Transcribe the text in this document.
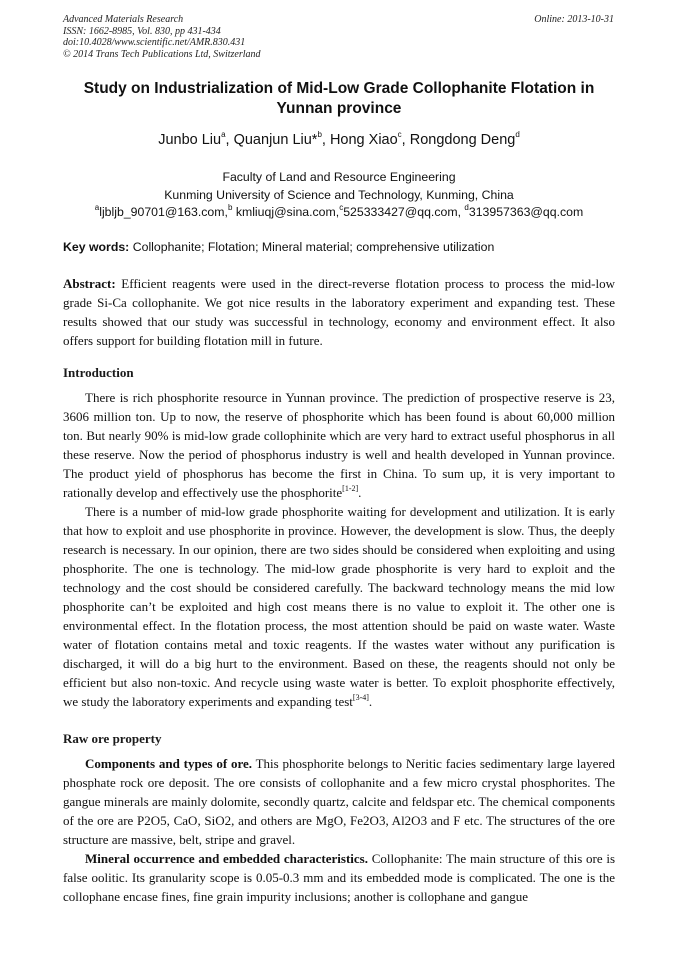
Advanced Materials Research
ISSN: 1662-8985, Vol. 830, pp 431-434
doi:10.4028/www.scientific.net/AMR.830.431
© 2014 Trans Tech Publications Ltd, Switzerland
Online: 2013-10-31
Study on Industrialization of Mid-Low Grade Collophanite Flotation in Yunnan province
Junbo Liu$^a$, Quanjun Liu*$^b$, Hong Xiao$^c$, Rongdong Deng$^d$
Faculty of Land and Resource Engineering
Kunming University of Science and Technology, Kunming, China
$^a$ljbljb_90701@163.com,$^b$ kmliuqj@sina.com,$^c$525333427@qq.com, $^d$313957363@qq.com
Key words: Collophanite; Flotation; Mineral material; comprehensive utilization

Abstract: Efficient reagents were used in the direct-reverse flotation process to process the mid-low grade Si-Ca collophanite. We got nice results in the laboratory experiment and expanding test. These results showed that our study was successful in technology, economy and environment effect. It also offers support for building flotation mill in future.

Introduction

There is rich phosphorite resource in Yunnan province. The prediction of prospective reserve is 23, 3606 million ton. Up to now, the reserve of phosphorite which has been found is about 60,000 million ton. But nearly 90% is mid-low grade collophinite which are very hard to extract useful phosphorus in all these reserve. Now the period of phosphorus industry is well and health developed in Yunnan province. The product yield of phosphorus has become the first in China. To sum up, it is very important to rationally develop and effectively use the phosphorite[1-2].

There is a number of mid-low grade phosphorite waiting for development and utilization. It is early that how to exploit and use phosphorite in province. However, the development is slow. Thus, the deeply research is necessary. In our opinion, there are two sides should be considered when exploiting and using phosphorite. The one is technology. The mid-low grade phosphorite is very hard to exploit and the technology and the cost should be considered carefully. The backward technology means the mid low phosphorite can’t be exploited and high cost means there is no value to exploit it. The other one is environmental effect. In the flotation process, the most attention should be paid on waste water. Waste water of flotation contains metal and toxic reagents. If the wastes water without any purification is discharged, it will do a big hurt to the environment. Based on these, the reagents should not only be efficient but also non-toxic. And recycle using waste water is better. To exploit phosphorite effectively, we study the laboratory experiments and expanding test[3-4].

Raw ore property

Components and types of ore. This phosphorite belongs to Neritic facies sedimentary large layered phosphate rock ore deposit. The ore consists of collophanite and a few micro crystal phosphorites. The gangue minerals are mainly dolomite, secondly quartz, calcite and feldspar etc. The chemical components of the ore are P2O5, CaO, SiO2, and others are MgO, Fe2O3, Al2O3 and F etc. The structures of the ore structure are massive, belt, stripe and gravel.

Mineral occurrence and embedded characteristics. Collophanite: The main structure of this ore is false oolitic. Its granularity scope is 0.05-0.3 mm and its embedded mode is complicated. The one is the collophane encase fines, fine grain impurity inclusions; another is collophane and gangue
